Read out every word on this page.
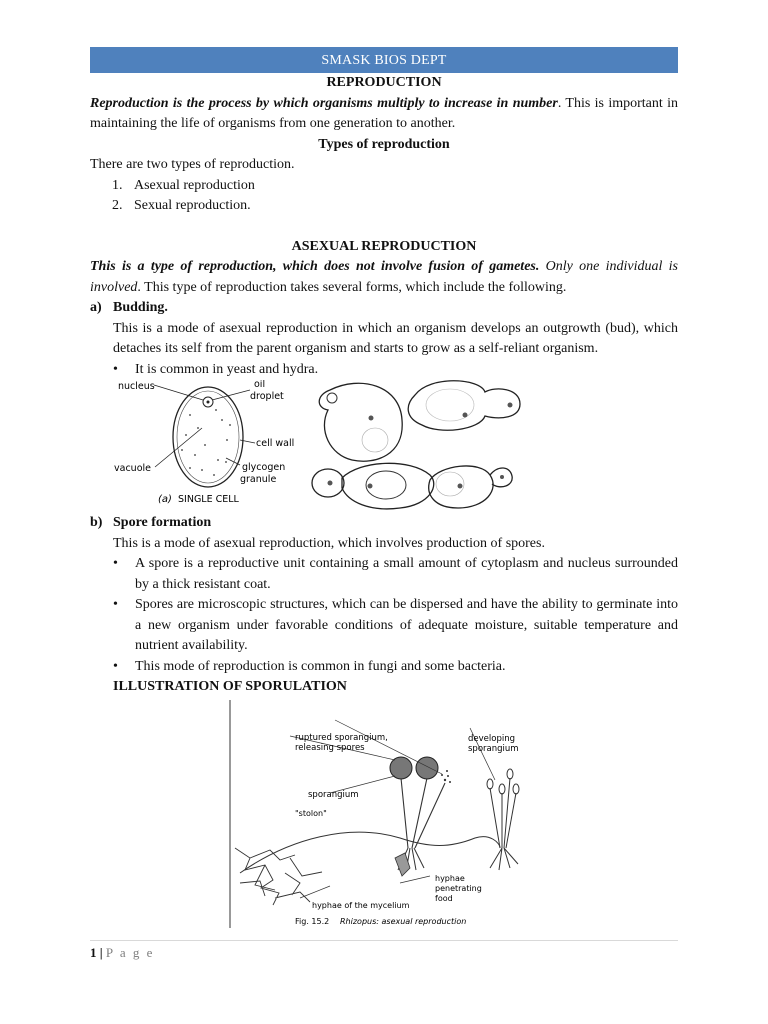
SMASK BIOS DEPT
REPRODUCTION
Reproduction is the process by which organisms multiply to increase in number. This is important in maintaining the life of organisms from one generation to another.
Types of reproduction
There are two types of reproduction.
1. Asexual reproduction
2. Sexual reproduction.
ASEXUAL REPRODUCTION
This is a type of reproduction, which does not involve fusion of gametes. Only one individual is involved. This type of reproduction takes several forms, which include the following.
a) Budding.
This is a mode of asexual reproduction in which an organism develops an outgrowth (bud), which detaches its self from the parent organism and starts to grow as a self-reliant organism.
• It is common in yeast and hydra.
nucleus	oil
droplet
cell wall
vacuole	glycogen
granule
(a) SINGLE CELL
b) Spore formation
This is a mode of asexual reproduction, which involves production of spores.
• A spore is a reproductive unit containing a small amount of cytoplasm and nucleus surrounded by a thick resistant coat.
• Spores are microscopic structures, which can be dispersed and have the ability to germinate into a new organism under favorable conditions of adequate moisture, suitable temperature and nutrient availability.
• This mode of reproduction is common in fungi and some bacteria.
ILLUSTRATION OF SPORULATION
ruptured sporangium,
releasing spores
developing
sporangium
sporangium
"stolon"
hyphae
penetrating
food
hyphae of the mycelium
Fig. 15.2 Rhizopus: asexual reproduction
1 | P a g e
